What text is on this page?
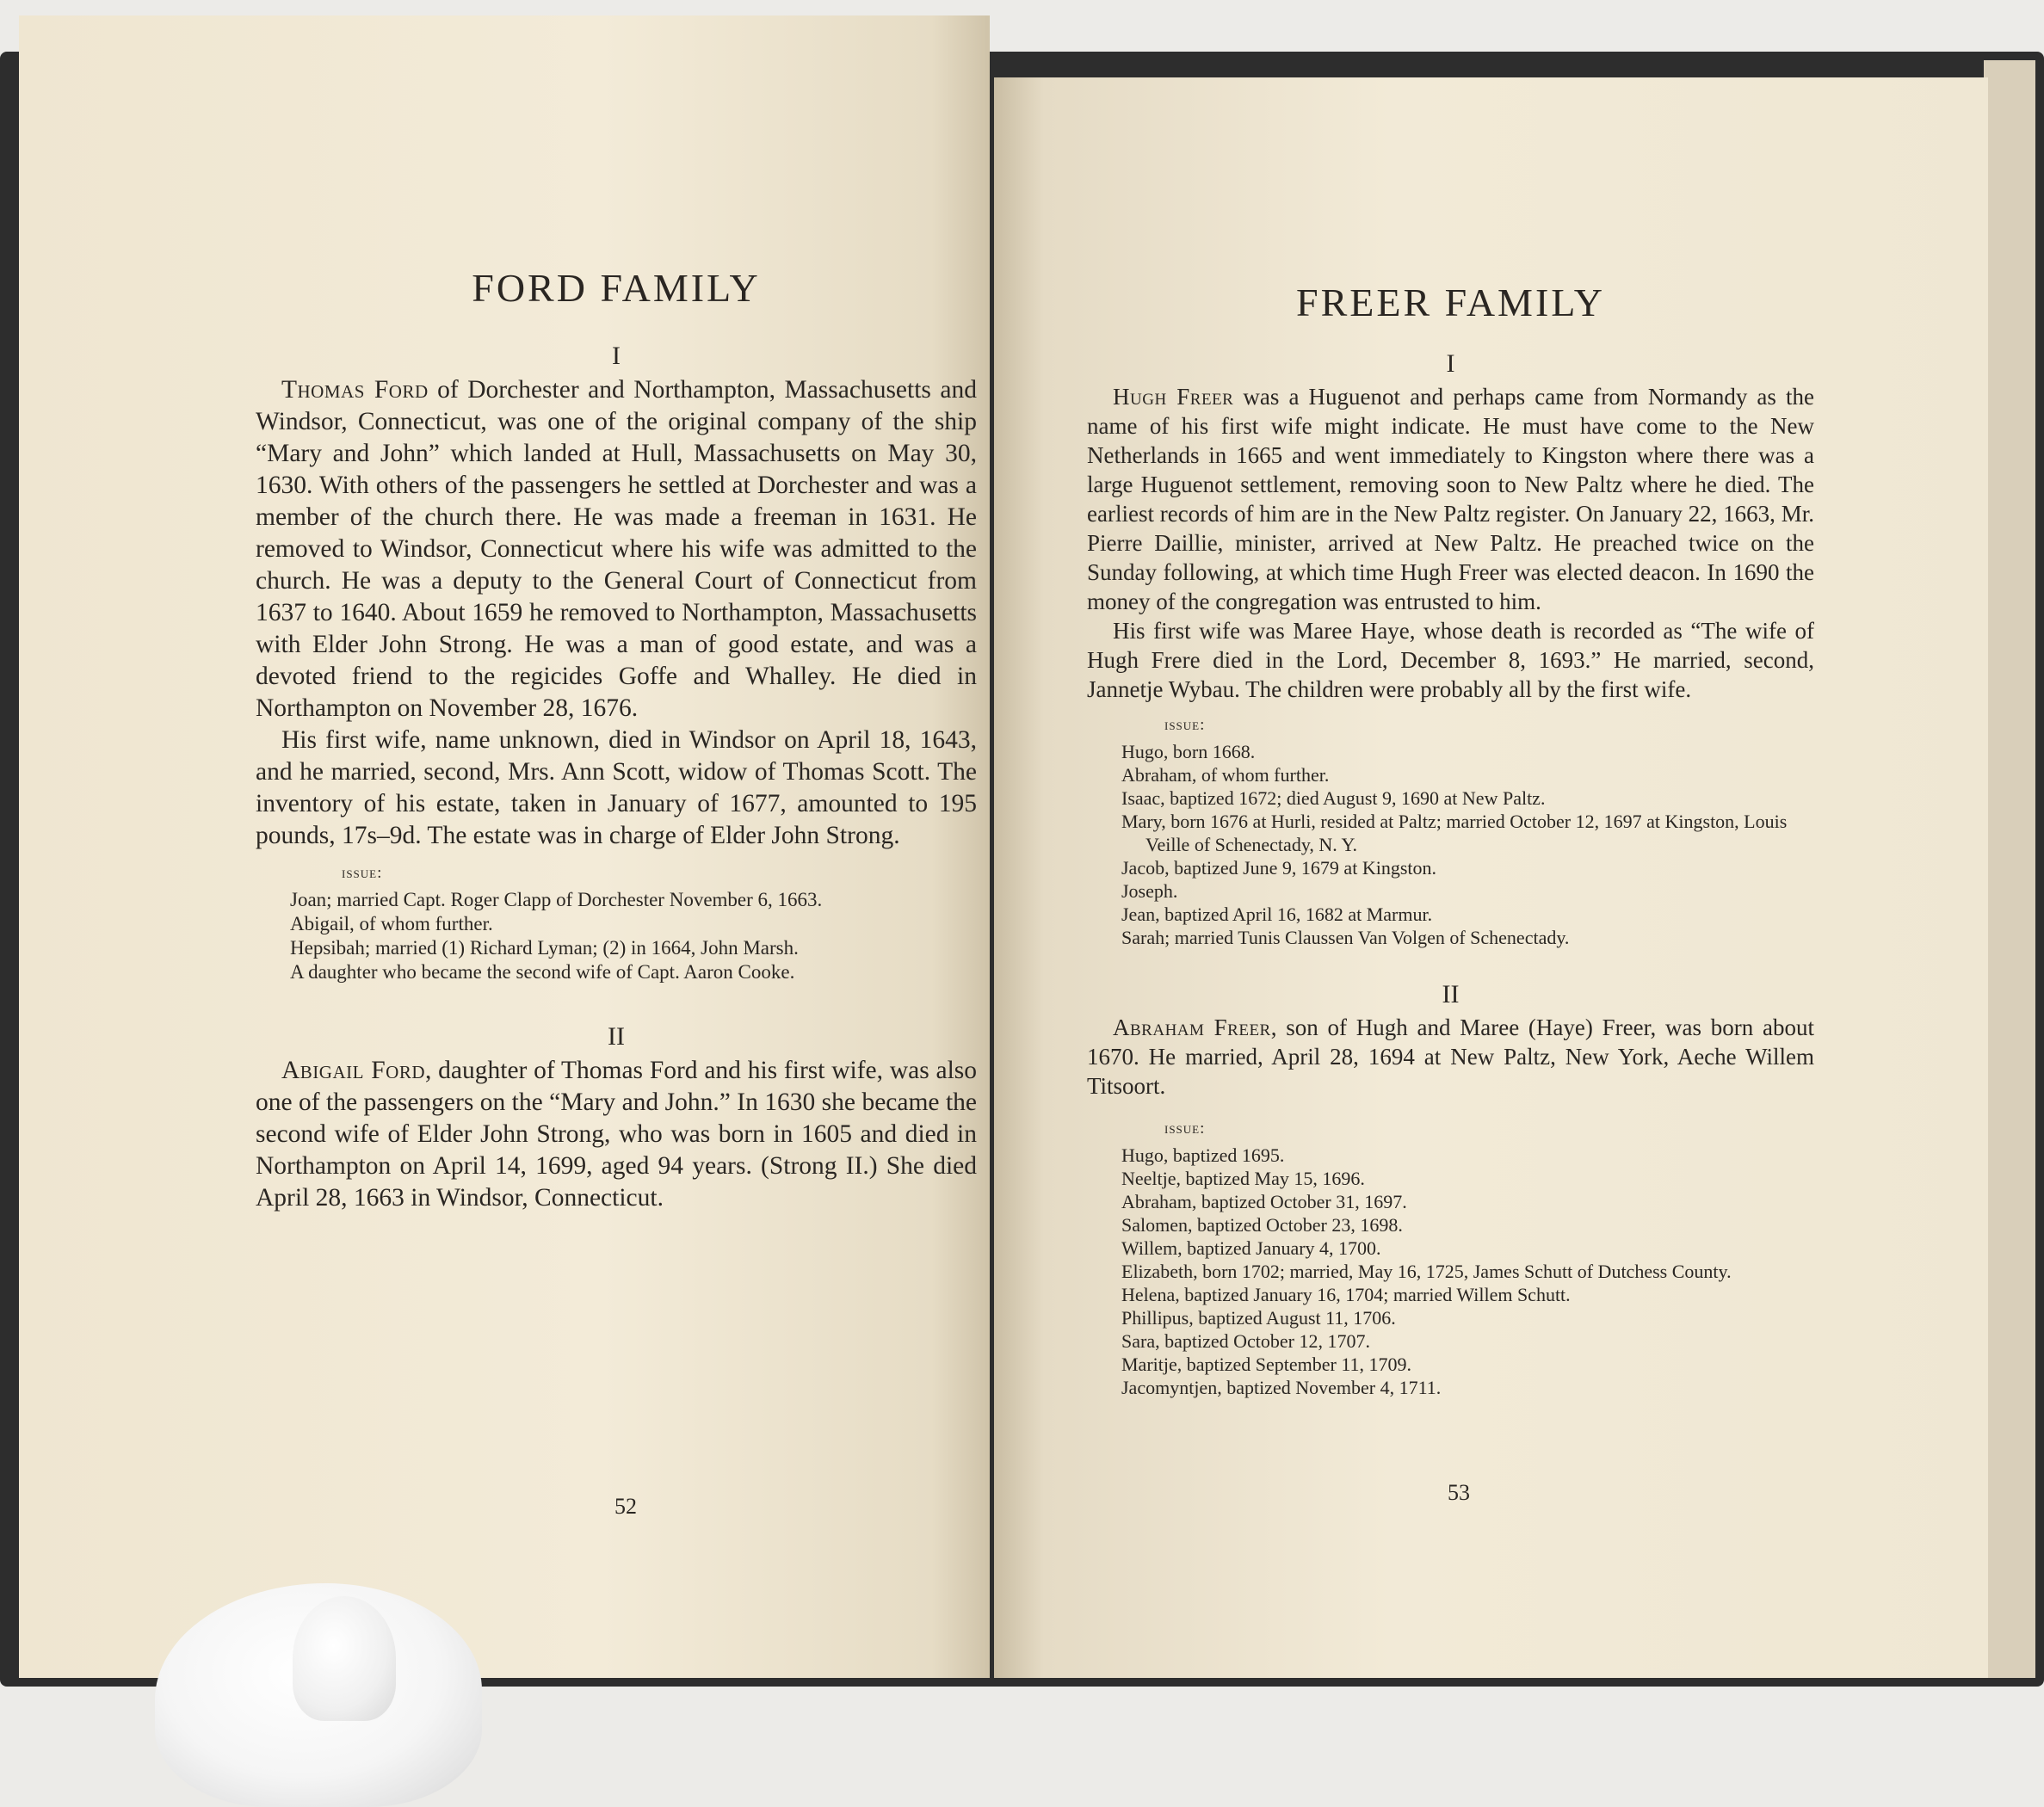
FORD FAMILY
I

Thomas Ford of Dorchester and Northampton, Massachusetts and Windsor, Connecticut, was one of the original company of the ship “Mary and John” which landed at Hull, Massachusetts on May 30, 1630. With others of the passengers he settled at Dorchester and was a member of the church there. He was made a freeman in 1631. He removed to Windsor, Connecticut where his wife was admitted to the church. He was a deputy to the General Court of Connecticut from 1637 to 1640. About 1659 he removed to Northampton, Massachusetts with Elder John Strong. He was a man of good estate, and was a devoted friend to the regicides Goffe and Whalley. He died in Northampton on November 28, 1676.

His first wife, name unknown, died in Windsor on April 18, 1643, and he married, second, Mrs. Ann Scott, widow of Thomas Scott. The inventory of his estate, taken in January of 1677, amounted to 195 pounds, 17s–9d. The estate was in charge of Elder John Strong.

issue:
Joan; married Capt. Roger Clapp of Dorchester November 6, 1663.
Abigail, of whom further.
Hepsibah; married (1) Richard Lyman; (2) in 1664, John Marsh.
A daughter who became the second wife of Capt. Aaron Cooke.
II

Abigail Ford, daughter of Thomas Ford and his first wife, was also one of the passengers on the “Mary and John.” In 1630 she became the second wife of Elder John Strong, who was born in 1605 and died in Northampton on April 14, 1699, aged 94 years. (Strong II.) She died April 28, 1663 in Windsor, Connecticut.

52
FREER FAMILY
I

Hugh Freer was a Huguenot and perhaps came from Normandy as the name of his first wife might indicate. He must have come to the New Netherlands in 1665 and went immediately to Kingston where there was a large Huguenot settlement, removing soon to New Paltz where he died. The earliest records of him are in the New Paltz register. On January 22, 1663, Mr. Pierre Daillie, minister, arrived at New Paltz. He preached twice on the Sunday following, at which time Hugh Freer was elected deacon. In 1690 the money of the congregation was entrusted to him.

His first wife was Maree Haye, whose death is recorded as “The wife of Hugh Frere died in the Lord, December 8, 1693.” He married, second, Jannetje Wybau. The children were probably all by the first wife.

issue:
Hugo, born 1668.
Abraham, of whom further.
Isaac, baptized 1672; died August 9, 1690 at New Paltz.
Mary, born 1676 at Hurli, resided at Paltz; married October 12, 1697 at Kingston, Louis Veille of Schenectady, N. Y.
Jacob, baptized June 9, 1679 at Kingston.
Joseph.
Jean, baptized April 16, 1682 at Marmur.
Sarah; married Tunis Claussen Van Volgen of Schenectady.
II

Abraham Freer, son of Hugh and Maree (Haye) Freer, was born about 1670. He married, April 28, 1694 at New Paltz, New York, Aeche Willem Titsoort.

issue:
Hugo, baptized 1695.
Neeltje, baptized May 15, 1696.
Abraham, baptized October 31, 1697.
Salomen, baptized October 23, 1698.
Willem, baptized January 4, 1700.
Elizabeth, born 1702; married, May 16, 1725, James Schutt of Dutchess County.
Helena, baptized January 16, 1704; married Willem Schutt.
Phillipus, baptized August 11, 1706.
Sara, baptized October 12, 1707.
Maritje, baptized September 11, 1709.
Jacomyntjen, baptized November 4, 1711.
53
